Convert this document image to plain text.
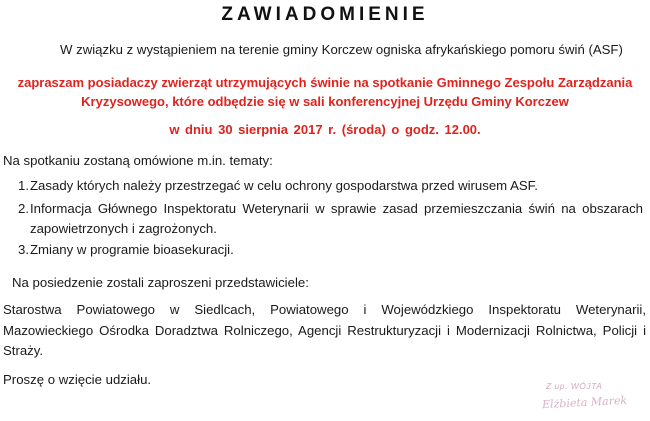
ZAWIADOMIENIE
W związku z wystąpieniem na terenie gminy Korczew ogniska afrykańskiego pomoru świń (ASF)
zapraszam posiadaczy zwierząt utrzymujących świnie na spotkanie Gminnego Zespołu Zarządzania
Kryzysowego, które odbędzie się w sali konferencyjnej Urzędu Gminy Korczew
w dniu 30 sierpnia 2017 r. (środa) o godz. 12.00.
Na spotkaniu zostaną omówione m.in. tematy:
1. Zasady których należy przestrzegać w celu ochrony gospodarstwa przed wirusem ASF.
2. Informacja Głównego Inspektoratu Weterynarii w sprawie zasad przemieszczania świń na obszarach zapowietrzonych i zagrożonych.
3. Zmiany w programie bioasekuracji.
Na posiedzenie zostali zaproszeni przedstawiciele:
Starostwa Powiatowego w Siedlcach, Powiatowego i Wojewódzkiego Inspektoratu Weterynarii, Mazowieckiego Ośrodka Doradztwa Rolniczego, Agencji Restrukturyzacji i Modernizacji Rolnictwa, Policji i Straży.
Proszę o wzięcie udziału.	Z up. WÓJTA
Elżbieta Marek
